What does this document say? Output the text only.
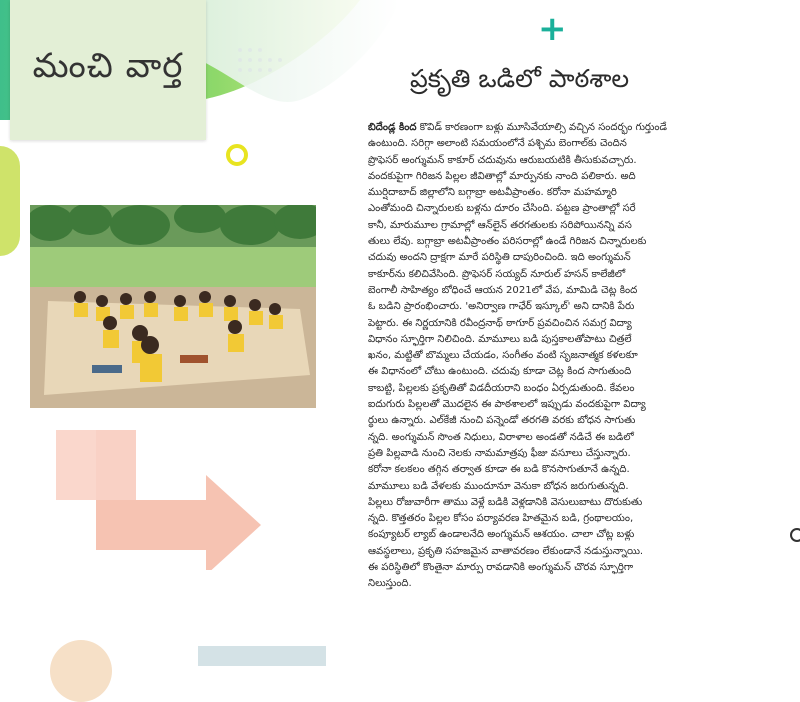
మంచి వార్త
+
ప్రకృతి ఒడిలో పాఠశాల
బిదేండ్ల కింద కొవిడ్ కారణంగా బళ్లు మూసివేయాల్సి వచ్చిన సందర్భం గుర్తుండే
ఉంటుంది. సరిగ్గా అలాంటి సమయంలోనే పశ్చిమ బెంగాల్‌కు చెందిన
ప్రొఫెసర్ అంగ్శుమన్ కాకూర్ చదువును ఆరుబయటికి తీసుకువచ్చారు.
వందకుపైగా గిరిజన పిల్లల జీవితాల్లో మార్పునకు నాంది పలికారు. అది
ముర్షిదాబాద్ జిల్లాలోని బగ్గాబ్రా అటవీప్రాంతం. కరోనా మహమ్మారి
ఎంతోమంది చిన్నారులకు బళ్లను దూరం చేసింది. పట్టణ ప్రాంతాల్లో సరే
కానీ, మారుమూల గ్రామాల్లో ఆన్‌లైన్ తరగతులకు సరిపోయినన్ని వస
తులు లేవు. బగ్గాబ్రా అటవీప్రాంతం పరిసరాల్లో ఉండే గిరిజన చిన్నారులకు
చదువు అందని ద్రాక్షగా మారే పరిస్థితి దాపురించింది. ఇది అంగ్శుమన్
కాకూర్‌ను కలిచివేసింది. ప్రొఫెసర్ సయ్యద్ నూరుల్ హసన్ కాలేజీలో
బెంగాలీ సాహిత్యం బోధించే ఆయన 2021లో వేప, మామిడి చెట్ల కింద
ఓ బడిని ప్రారంభించారు. 'అనిర్వాణ గాఛేర్ ఇస్కూల్' అని దానికి పేరు
పెట్టారు. ఈ నిర్ణయానికి రవీంద్రనాథ్ ఠాగూర్ ప్రవచించిన సమగ్ర విద్యా
విధానం స్ఫూర్తిగా నిలిచింది. మామూలు బడి పుస్తకాలతోపాటు చిత్రలే
ఖనం, మట్టితో బొమ్మలు చేయడం, సంగీతం వంటి సృజనాత్మక కళలకూ
ఈ విధానంలో చోటు ఉంటుంది. చదువు కూడా చెట్ల కింద సాగుతుంది
కాబట్టి, పిల్లలకు ప్రకృతితో విడదీయరాని బంధం ఏర్పడుతుంది. కేవలం
ఐదుగురు పిల్లలతో మొదలైన ఈ పాఠశాలలో ఇప్పుడు వందకుపైగా విద్యా
ర్థులు ఉన్నారు. ఎల్‌కేజీ నుంచి పన్నెండో తరగతి వరకు బోధన సాగుతు
న్నది. అంగ్శుమన్ సొంత నిధులు, విరాళాల అండతో నడిచే ఈ బడిలో
ప్రతి పిల్లవాడి నుంచి నెలకు నామమాత్రపు ఫీజు వసూలు చేస్తున్నారు.
కరోనా కలకలం తగ్గిన తర్వాత కూడా ఈ బడి కొనసాగుతూనే ఉన్నది.
మామూలు బడి వేళలకు ముందూనూ వెనుకా బోధన జరుగుతున్నది.
పిల్లలు రోజువారీగా తాము వెళ్లే బడికి వెళ్లడానికి వెసులుబాటు దొరుకుతు
న్నది. కొత్తతరం పిల్లల కోసం పర్యావరణ హితమైన బడి, గ్రంథాలయం,
కంప్యూటర్ ల్యాబ్ ఉండాలనేది అంగ్శుమన్ ఆశయం. చాలా చోట్ల బళ్లు
ఆవస్థలాలు, ప్రకృతి సహజమైన వాతావరణం లేకుండానే నడుస్తున్నాయి.
ఈ పరిస్థితిలో కొంతైనా మార్పు రావడానికి అంగ్శుమన్ చొరవ స్ఫూర్తిగా
నిలుస్తుంది.
